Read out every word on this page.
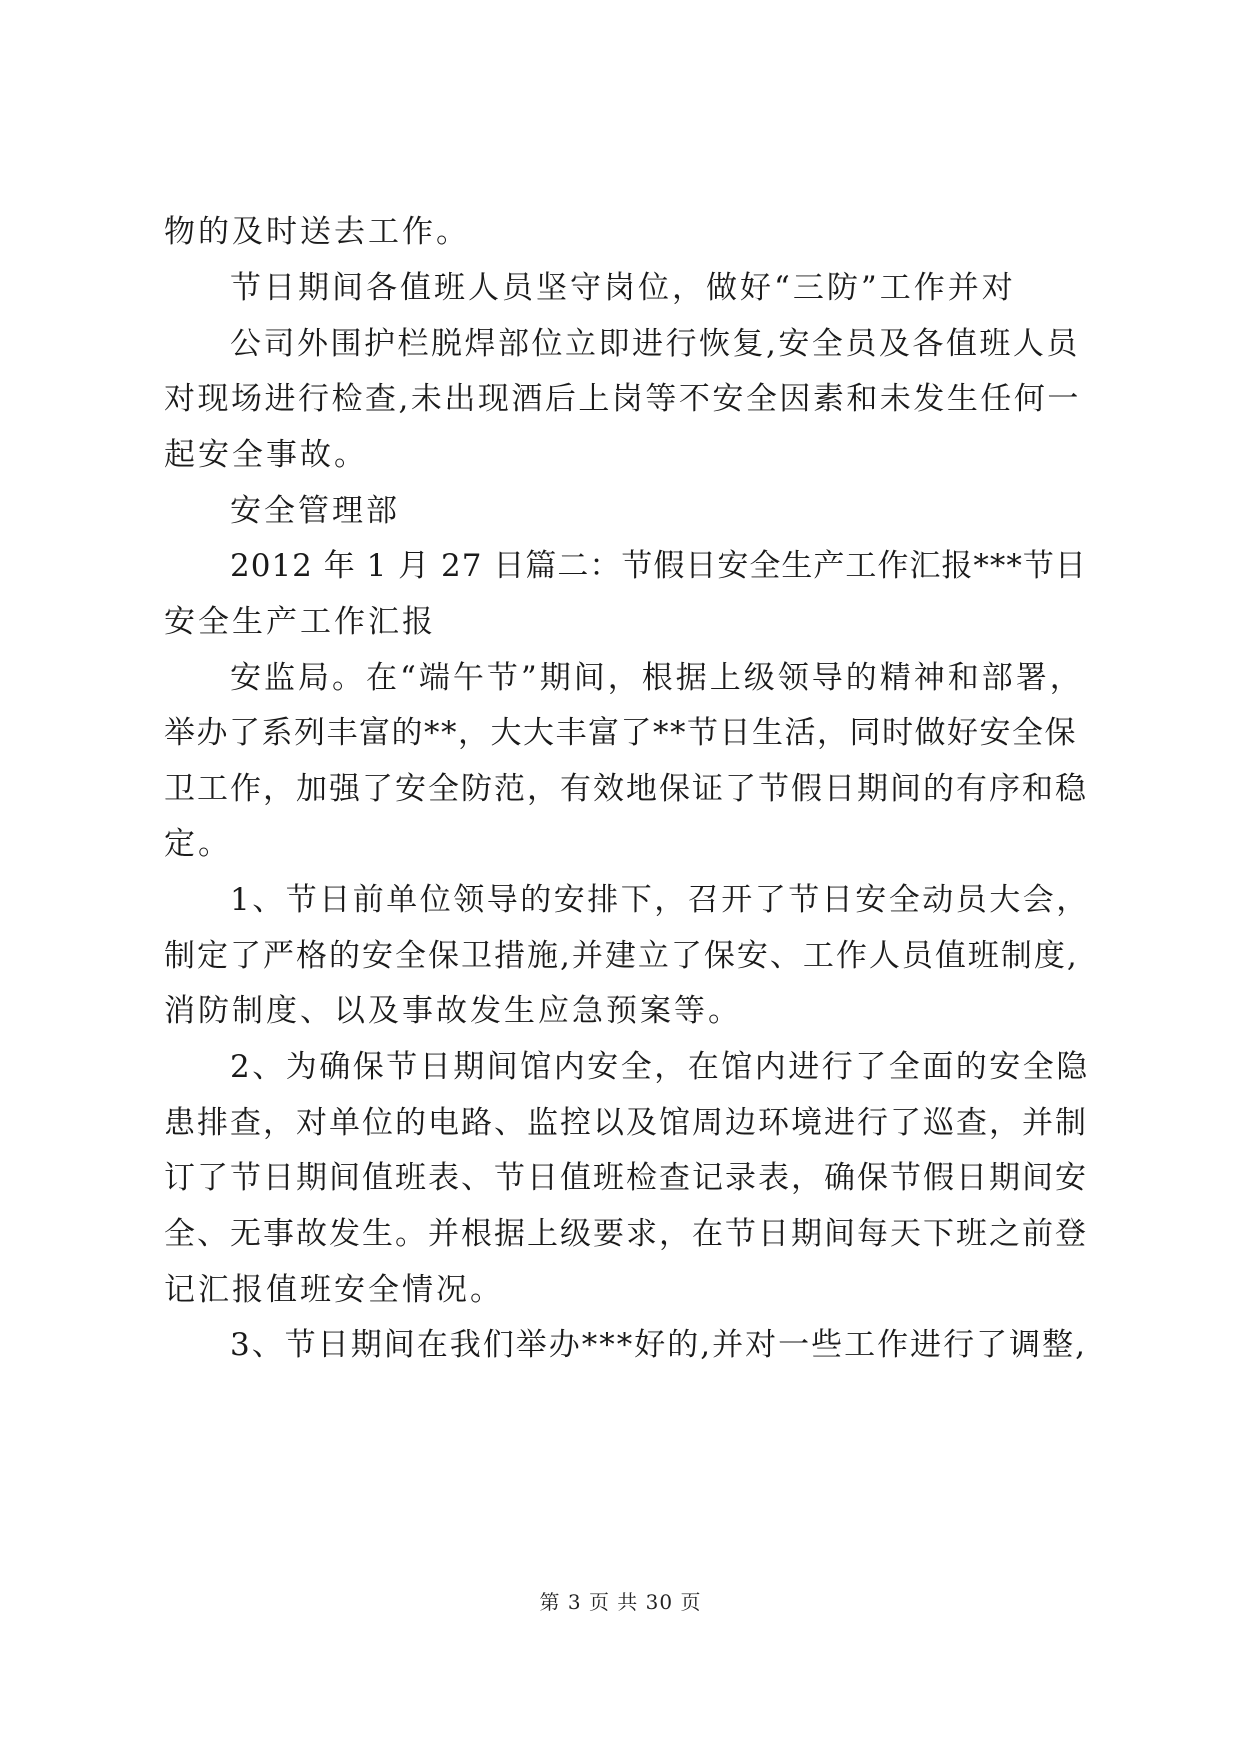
物的及时送去工作。
节日期间各值班人员坚守岗位，做好“三防”工作并对
公司外围护栏脱焊部位立即进行恢复,安全员及各值班人员
对现场进行检查,未出现酒后上岗等不安全因素和未发生任何一
起安全事故。
安全管理部
2012 年 1 月 27 日篇二：节假日安全生产工作汇报***节日
安全生产工作汇报
安监局。在“端午节”期间，根据上级领导的精神和部署，
举办了系列丰富的**，大大丰富了**节日生活，同时做好安全保
卫工作，加强了安全防范，有效地保证了节假日期间的有序和稳
定。
1、节日前单位领导的安排下，召开了节日安全动员大会，
制定了严格的安全保卫措施,并建立了保安、工作人员值班制度,
消防制度、以及事故发生应急预案等。
2、为确保节日期间馆内安全，在馆内进行了全面的安全隐
患排查，对单位的电路、监控以及馆周边环境进行了巡查，并制
订了节日期间值班表、节日值班检查记录表，确保节假日期间安
全、无事故发生。并根据上级要求，在节日期间每天下班之前登
记汇报值班安全情况。
3、节日期间在我们举办***好的,并对一些工作进行了调整,
第 3 页 共 30 页
